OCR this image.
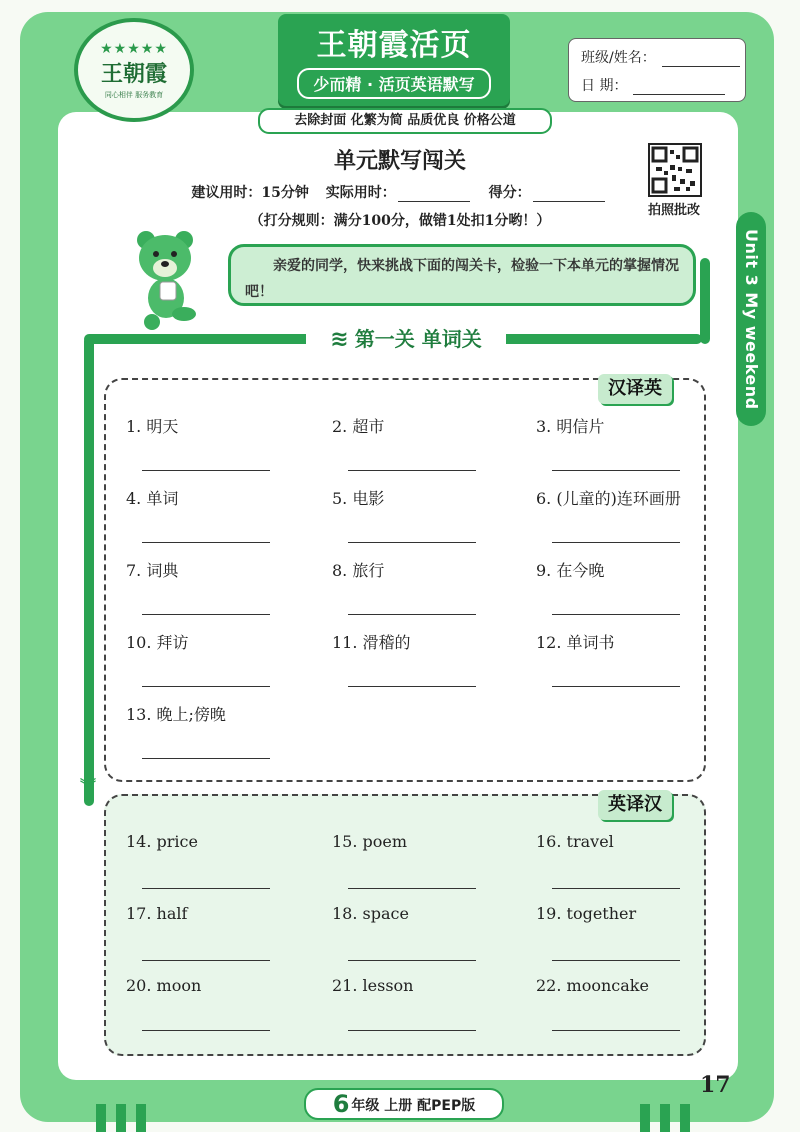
★★★★★
王朝霞
同心相伴 服务教育
王朝霞活页
少而精 · 活页英语默写
去除封面 化繁为简 品质优良 价格公道
班级/姓名：
日 期：
单元默写闯关
建议用时：15分钟 实际用时：	得分：
（打分规则：满分100分，做错1处扣1分哟！）
拍照批改
Unit 3 My weekend plan
亲爱的同学，快来挑战下面的闯关卡，检验一下本单元的掌握情况吧！
≋ 第一关 单词关
汉译英
1. 明天	2. 超市	3. 明信片
4. 单词	5. 电影	6. (儿童的)连环画册
7. 词典	8. 旅行	9. 在今晚
10. 拜访	11. 滑稽的	12. 单词书
13. 晚上;傍晚
︾
英译汉
14. price	15. poem	16. travel
17. half	18. space	19. together
20. moon	21. lesson	22. mooncake
6 年级 上册 配PEP版
17
